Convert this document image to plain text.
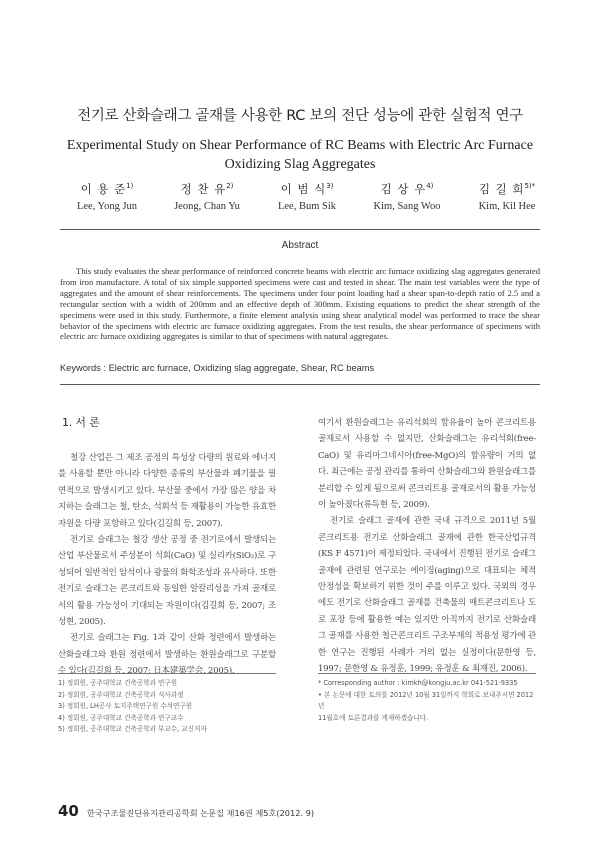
전기로 산화슬래그 골재를 사용한 RC 보의 전단 성능에 관한 실험적 연구
Experimental Study on Shear Performance of RC Beams with Electric Arc Furnace
Oxidizing Slag Aggregates
이 용 준$^{1)}$
Lee, Yong Jun
정 찬 유$^{2)}$
Jeong, Chan Yu
이 범 식$^{3)}$
Lee, Bum Sik
김 상 우$^{4)}$
Kim, Sang Woo
김 길 희$^{5)*}$
Kim, Kil Hee
Abstract

This study evaluates the shear performance of reinforced concrete beams with electric arc furnace oxidizing slag aggregates generated from iron manufacture. A total of six simple supported specimens were cast and tested in shear. The main test variables were the type of aggregates and the amount of shear reinforcements. The specimens under four point loading had a shear span-to-depth ratio of 2.5 and a rectangular section with a width of 200mm and an effective depth of 300mm. Existing equations to predict the shear strength of the specimens were used in this study. Furthermore, a finite element analysis using shear analytical model was performed to trace the shear behavior of the specimens with electric arc furnace oxidizing aggregates. From the test results, the shear performance of specimens with electric arc furnace oxidizing aggregates is similar to that of specimens with natural aggregates.

Keywords : Electric arc furnace, Oxidizing slag aggregate, Shear, RC beams
1. 서 론

철강 산업은 그 제조 공정의 특성상 다량의 원료와 에너지를 사용할 뿐만 아니라 다양한 종류의 부산물과 폐기물을 필연적으로 발생시키고 있다. 부산물 중에서 가장 많은 양을 차지하는 슬래그는 철, 탄소, 석회석 등 재활용이 가능한 유효한 자원을 다량 포함하고 있다(김길희 등, 2007).

전기로 슬래그는 철강 생산 공정 중 전기로에서 발생되는 산업 부산물로서 주성분이 석회(CaO) 및 실리카(SiO₂)로 구성되어 일반적인 암석이나 광물의 화학조성과 유사하다. 또한 전기로 슬래그는 콘크리트와 동일한 알칼리성을 가져 골재로서의 활용 가능성이 기대되는 자원이다(김길희 등, 2007; 조성현, 2005).

전기로 슬래그는 Fig. 1과 같이 산화 정련에서 발생하는 산화슬래그와 환원 정련에서 발생하는 환원슬래그로 구분할 수 있다(김길희 등, 2007; 日本建築学会, 2005).

여기서 환원슬래그는 유리석회의 함유율이 높아 콘크리트용 골재로서 사용할 수 없지만, 산화슬래그는 유리석회(free-CaO) 및 유리마그네시아(free-MgO)의 함유량이 거의 없다. 최근에는 공정 관리를 통하여 산화슬래그와 환원슬래그를 분리할 수 있게 됨으로써 콘크리트용 골재로서의 활용 가능성이 높아졌다(류득현 등, 2009).

전기로 슬래그 골재에 관한 국내 규격으로 2011년 5월 콘크리트용 전기로 산화슬래그 골재에 관한 한국산업규격(KS F 4571)이 제정되었다. 국내에서 진행된 전기로 슬래그 골재에 관련된 연구로는 에이징(aging)으로 대표되는 체적 안정성을 확보하기 위한 것이 주를 이루고 있다. 국외의 경우에도 전기로 산화슬래그 골재를 건축물의 매트콘크리트나 도로 포장 등에 활용한 예는 있지만 아직까지 전기로 산화슬래그 골재를 사용한 철근콘크리트 구조부재의 적용성 평가에 관한 연구는 진행된 사례가 거의 없는 실정이다(문한영 등, 1997; 문한영 & 유정훈, 1999; 유정훈 & 최재진, 2006).

1) 정회원, 공주대학교 건축공학과 연구원
2) 정회원, 공주대학교 건축공학과 석사과정
3) 정회원, LH공사 토지주택연구원 수석연구원
4) 정회원, 공주대학교 건축공학과 연구교수
5) 정회원, 공주대학교 건축공학과 부교수, 교신저자
* Corresponding author : kimkh@kongju.ac.kr 041-521-9335
• 본 논문에 대한 토의를 2012년 10월 31일까지 학회로 보내주시면 2012년
11월호에 토론결과를 게재하겠습니다.
40 한국구조물진단유지관리공학회 논문집 제16권 제5호(2012. 9)
